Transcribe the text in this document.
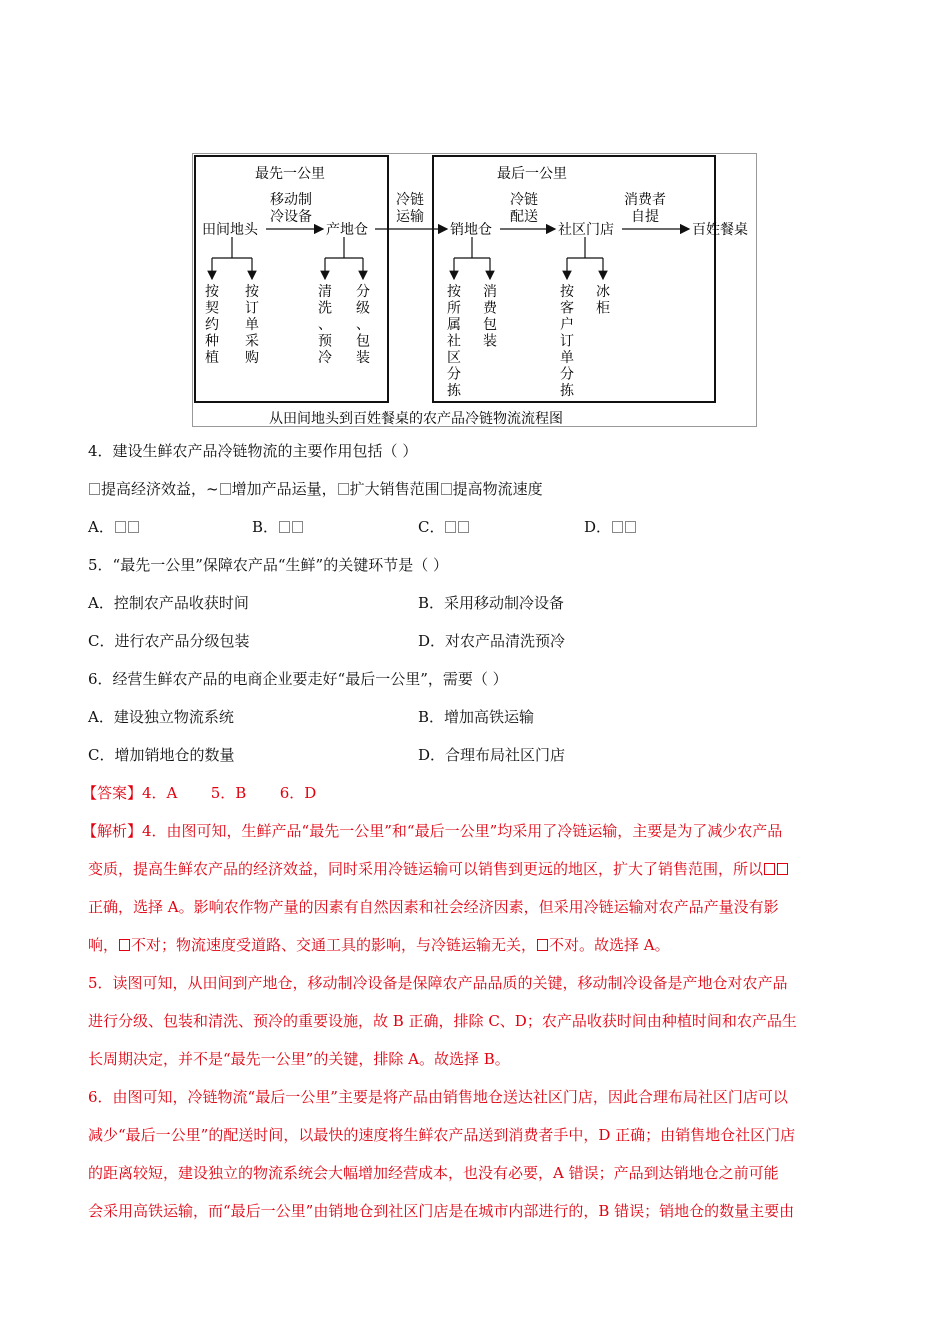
最先一公里	最后一公里
移动制
冷设备
冷链
运输
冷链
配送
消费者
自提
田间地头	产地仓	销地仓	社区门店	百姓餐桌
按契约种植
按订单采购
清洗、预冷
分级、包装
按所属社区分拣
消费包装
按客户订单分拣
冰柜
从田间地头到百姓餐桌的农产品冷链物流流程图
4．建设生鲜农产品冷链物流的主要作用包括（ ）
提高经济效益，~ 增加产品运量， 扩大销售范围 提高物流速度
A．	B．	C．	D．
5．“最先一公里”保障农产品“生鲜”的关键环节是（ ）
A．控制农产品收获时间	B．采用移动制冷设备
C．进行农产品分级包装	D．对农产品清洗预冷
6．经营生鲜农产品的电商企业要走好“最后一公里”，需要（ ）
A．建设独立物流系统	B．增加高铁运输
C．增加销地仓的数量	D．合理布局社区门店
【答案】4．A       5．B       6．D
【解析】4．由图可知，生鲜产品“最先一公里”和“最后一公里”均采用了冷链运输，主要是为了减少农产品
变质，提高生鲜农产品的经济效益，同时采用冷链运输可以销售到更远的地区，扩大了销售范围，所以
正确，选择 A。影响农作物产量的因素有自然因素和社会经济因素，但采用冷链运输对农产品产量没有影
响， 不对；物流速度受道路、交通工具的影响，与冷链运输无关， 不对。故选择 A。
5．读图可知，从田间到产地仓，移动制冷设备是保障农产品品质的关键，移动制冷设备是产地仓对农产品
进行分级、包装和清洗、预冷的重要设施，故 B 正确，排除 C、D；农产品收获时间由种植时间和农产品生
长周期决定，并不是“最先一公里”的关键，排除 A。故选择 B。
6．由图可知，冷链物流“最后一公里”主要是将产品由销售地仓送达社区门店，因此合理布局社区门店可以
减少“最后一公里”的配送时间，以最快的速度将生鲜农产品送到消费者手中，D 正确；由销售地仓社区门店
的距离较短，建设独立的物流系统会大幅增加经营成本，也没有必要，A 错误；产品到达销地仓之前可能
会采用高铁运输，而“最后一公里”由销地仓到社区门店是在城市内部进行的，B 错误；销地仓的数量主要由
